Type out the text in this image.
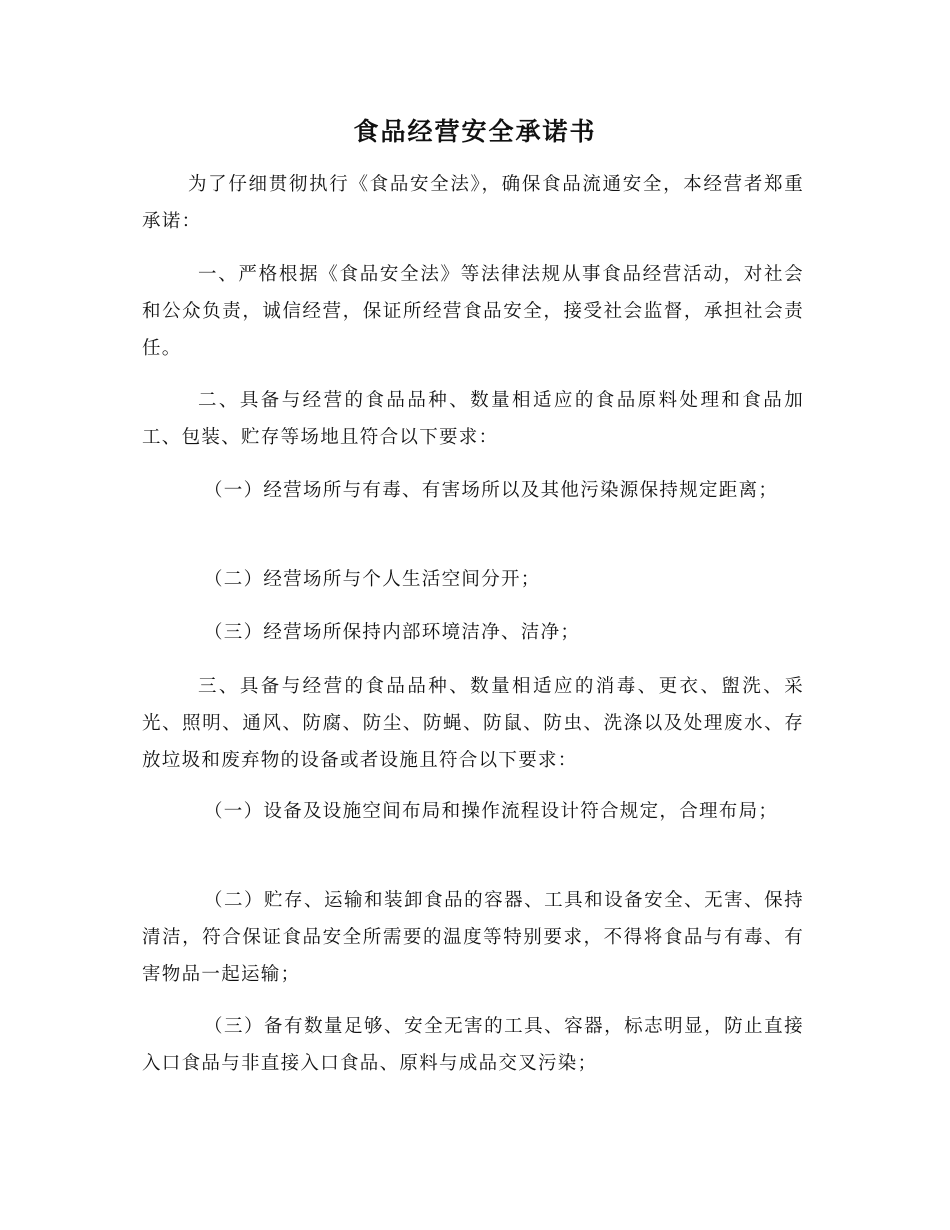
食品经营安全承诺书

为了仔细贯彻执行《食品安全法》，确保食品流通安全，本经营者郑重承诺：

一、严格根据《食品安全法》等法律法规从事食品经营活动，对社会和公众负责，诚信经营，保证所经营食品安全，接受社会监督，承担社会责任。

二、具备与经营的食品品种、数量相适应的食品原料处理和食品加工、包装、贮存等场地且符合以下要求：

（一）经营场所与有毒、有害场所以及其他污染源保持规定距离；

（二）经营场所与个人生活空间分开；

（三）经营场所保持内部环境洁净、洁净；

三、具备与经营的食品品种、数量相适应的消毒、更衣、盥洗、采光、照明、通风、防腐、防尘、防蝇、防鼠、防虫、洗涤以及处理废水、存放垃圾和废弃物的设备或者设施且符合以下要求：

（一）设备及设施空间布局和操作流程设计符合规定，合理布局；

（二）贮存、运输和装卸食品的容器、工具和设备安全、无害、保持清洁，符合保证食品安全所需要的温度等特别要求，不得将食品与有毒、有害物品一起运输；

（三）备有数量足够、安全无害的工具、容器，标志明显，防止直接入口食品与非直接入口食品、原料与成品交叉污染；
